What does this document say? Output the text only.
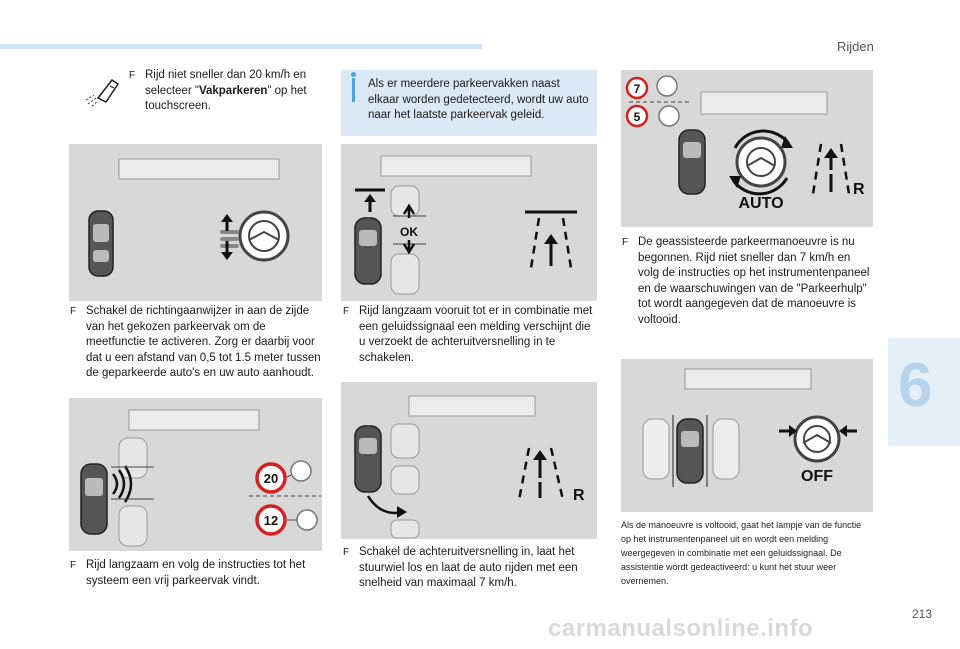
Rijden
6
213
carmanualsonline.info
F Rijd niet sneller dan 20 km/h en selecteer "Vakparkeren" op het touchscreen.
F Schakel de richtingaanwijzer in aan de zijde van het gekozen parkeervak om de meetfunctie te activeren. Zorg er daarbij voor dat u een afstand van 0,5 tot 1.5 meter tussen de geparkeerde auto's en uw auto aanhoudt.
20
12
F Rijd langzaam en volg de instructies tot het systeem een vrij parkeervak vindt.
Als er meerdere parkeervakken naast elkaar worden gedetecteerd, wordt uw auto naar het laatste parkeervak geleid.
OK
F Rijd langzaam vooruit tot er in combinatie met een geluidssignaal een melding verschijnt die u verzoekt de achteruitversnelling in te schakelen.
R
F Schakel de achteruitversnelling in, laat het stuurwiel los en laat de auto rijden met een snelheid van maximaal 7 km/h.
7
5
AUTO
R
F De geassisteerde parkeermanoeuvre is nu begonnen. Rijd niet sneller dan 7 km/h en volg de instructies op het instrumentenpaneel en de waarschuwingen van de "Parkeerhulp" tot wordt aangegeven dat de manoeuvre is voltooid.
OFF
Als de manoeuvre is voltooid, gaat het lampje van de functie op het instrumentenpaneel uit en wordt een melding weergegeven in combinatie met een geluidssignaal. De assistentie wordt gedeactiveerd: u kunt het stuur weer overnemen.
